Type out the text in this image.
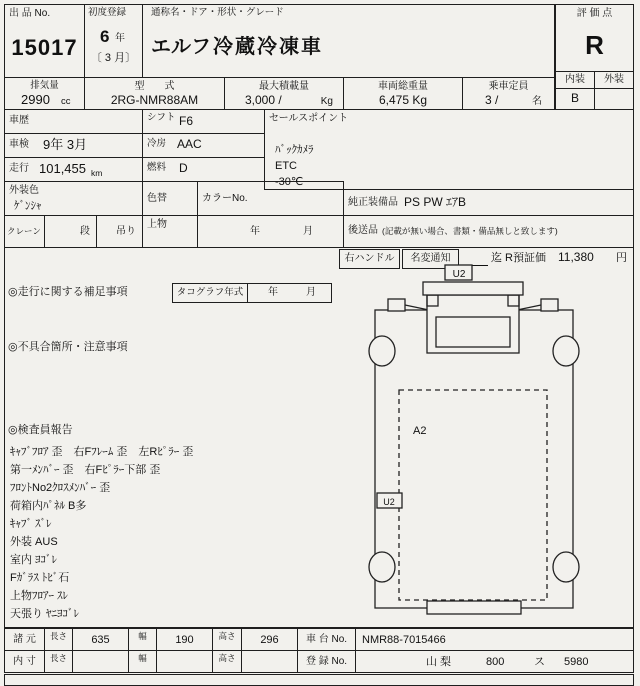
出 品 No.
15017
初度登録
6 年
〔 3 月〕
通称名・ドア・形状・グレード
エルフ 冷蔵冷凍車
評 価 点
R
内装
B
外装
排気量
2990 cc
型　　式
2RG-NMR88AM
最大積載量
3,000 /	Kg
車両総重量
6,475 Kg
乗車定員
3 /	名
車歴	シフト F6
車検 9年 3月	冷房 AAC
走行 101,455 km	燃料 D
外装色
ｹﾞﾝｼｬ
色替	カラーNo.
セールスポイント
ﾊﾞｯｸｶﾒﾗ
ETC
-30℃
純正装備品 PS PW ｴｱB
クレーン	段	吊り
上物
年	月	後送品 (記載が無い場合、書類・備品無しと致します)
右ハンドル	名変通知	迄 R預証価 11,380 円
◎走行に関する補足事項	タコグラフ年式	年	月
◎不具合箇所・注意事項
◎検査員報告
ｷｬﾌﾞﾌﾛｱ 歪　右Fﾌﾚｰﾑ 歪　左Rﾋﾟﾗｰ 歪
第一ﾒﾝﾊﾞｰ 歪　右Fﾋﾟﾗｰ下部 歪
ﾌﾛﾝﾄNo2ｸﾛｽﾒﾝﾊﾞｰ 歪
荷箱内ﾊﾟﾈﾙ B多
ｷｬﾌﾞ ｽﾞﾚ
外装 AUS
室内 ﾖｺﾞﾚ
Fｶﾞﾗｽ ﾄﾋﾞ石
上物ﾌﾛｱｰ ｽﾚ
天張り ﾔﾆﾖｺﾞﾚ
U2
A2
U2
諸 元	長さ	635	幅	190	高さ	296	車 台 No.	NMR88-7015466
内 寸	長さ	幅	高さ	登 録 No.	山 梨	800	ス 5980
